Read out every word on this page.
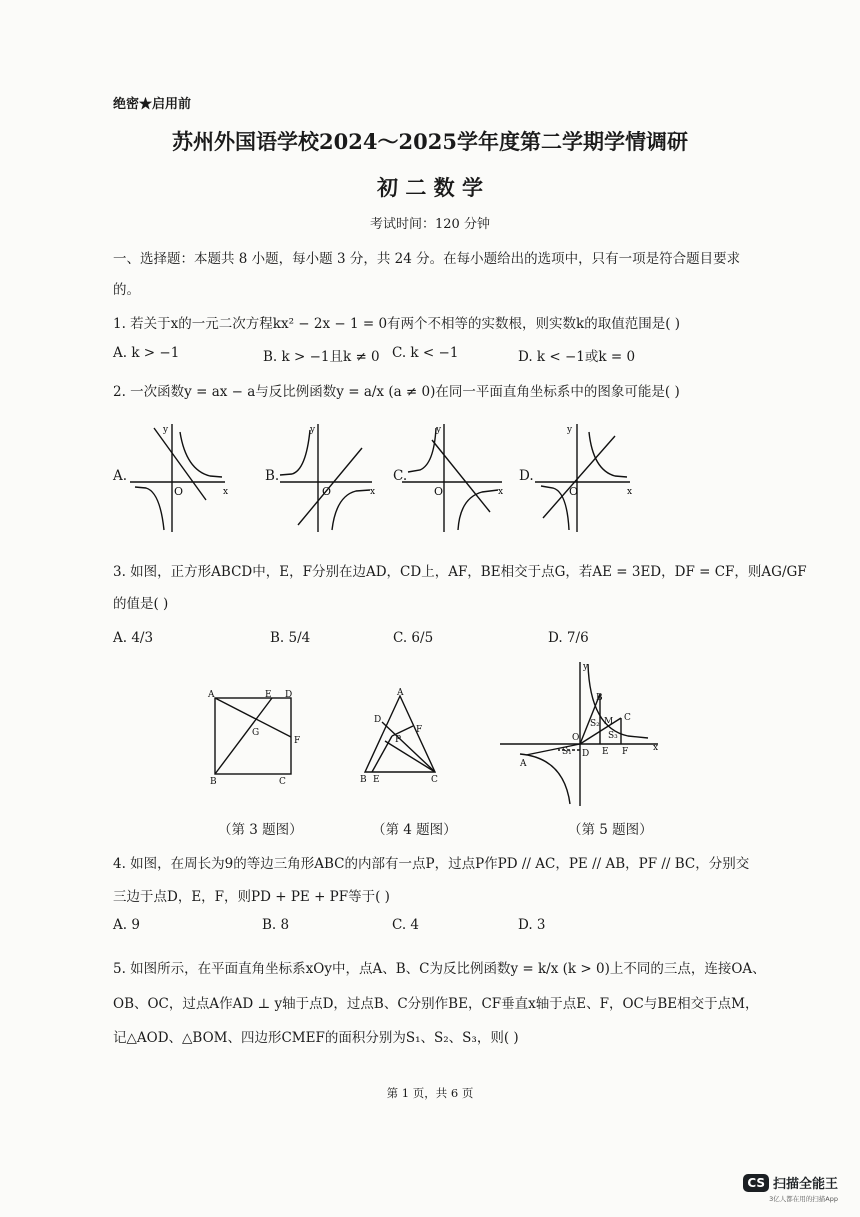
绝密★启用前
苏州外国语学校2024～2025学年度第二学期学情调研
初 二 数 学
考试时间：120 分钟
一、选择题：本题共 8 小题，每小题 3 分，共 24 分。在每小题给出的选项中，只有一项是符合题目要求
的。
1. 若关于x的一元二次方程kx² − 2x − 1 = 0有两个不相等的实数根，则实数k的取值范围是( )
A. k > −1	B. k > −1且k ≠ 0 C. k < −1	D. k < −1或k = 0
2. 一次函数y = ax − a与反比例函数y = a/x (a ≠ 0)在同一平面直角坐标系中的图象可能是( )
A.
y
x
O
B.
y
x
O
C.
y
x
O
D.
y
x
O
3. 如图，正方形ABCD中，E，F分别在边AD，CD上，AF，BE相交于点G，若AE = 3ED，DF = CF，则AG/GF
的值是( )
A. 4/3	B. 5/4	C. 6/5	D. 7/6
A	E D
G
F
B	C
A
D
F
P
B E	C
y
x
O
A
B
C
D E F
M
S₁
S₂
S₃
（第 3 题图）	（第 4 题图）	（第 5 题图）
4. 如图，在周长为9的等边三角形ABC的内部有一点P，过点P作PD // AC，PE // AB，PF // BC，分别交
三边于点D，E，F，则PD + PE + PF等于( )
A. 9	B. 8	C. 4	D. 3
5. 如图所示，在平面直角坐标系xOy中，点A、B、C为反比例函数y = k/x (k > 0)上不同的三点，连接OA、
OB、OC，过点A作AD ⊥ y轴于点D，过点B、C分别作BE，CF垂直x轴于点E、F，OC与BE相交于点M，
记△AOD、△BOM、四边形CMEF的面积分别为S₁、S₂、S₃，则( )
第 1 页，共 6 页
CS 扫描全能王
3亿人都在用的扫描App
